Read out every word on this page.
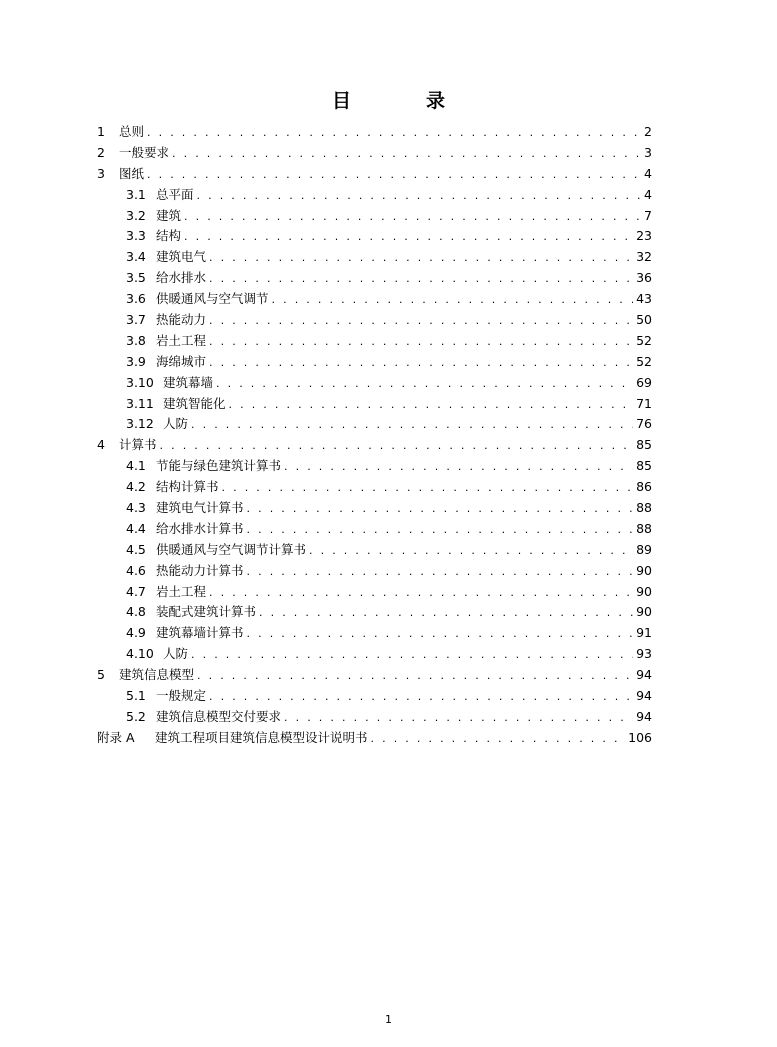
目　录
1	总则 . . .	2
2	一般要求 . . .	3
3	图纸 . . .	4
3.1 总平面 . . .	4
3.2 建筑 . . .	7
3.3 结构 . . .	23
3.4 建筑电气 . . .	32
3.5 给水排水 . . .	36
3.6 供暖通风与空气调节 . . .	43
3.7 热能动力 . . .	50
3.8 岩土工程 . . .	52
3.9 海绵城市 . . .	52
3.10 建筑幕墙 . . .	69
3.11 建筑智能化 . . .	71
3.12 人防 . . .	76
4	计算书 . . .	85
4.1 节能与绿色建筑计算书 . . .	85
4.2 结构计算书 . . .	86
4.3 建筑电气计算书 . . .	88
4.4 给水排水计算书 . . .	88
4.5 供暖通风与空气调节计算书 . . .	89
4.6 热能动力计算书 . . .	90
4.7 岩土工程 . . .	90
4.8 装配式建筑计算书 . . .	90
4.9 建筑幕墙计算书 . . .	91
4.10 人防 . . .	93
5	建筑信息模型 . . .	94
5.1 一般规定 . . .	94
5.2 建筑信息模型交付要求 . . .	94
附录 A	建筑工程项目建筑信息模型设计说明书 . . .	106
1
